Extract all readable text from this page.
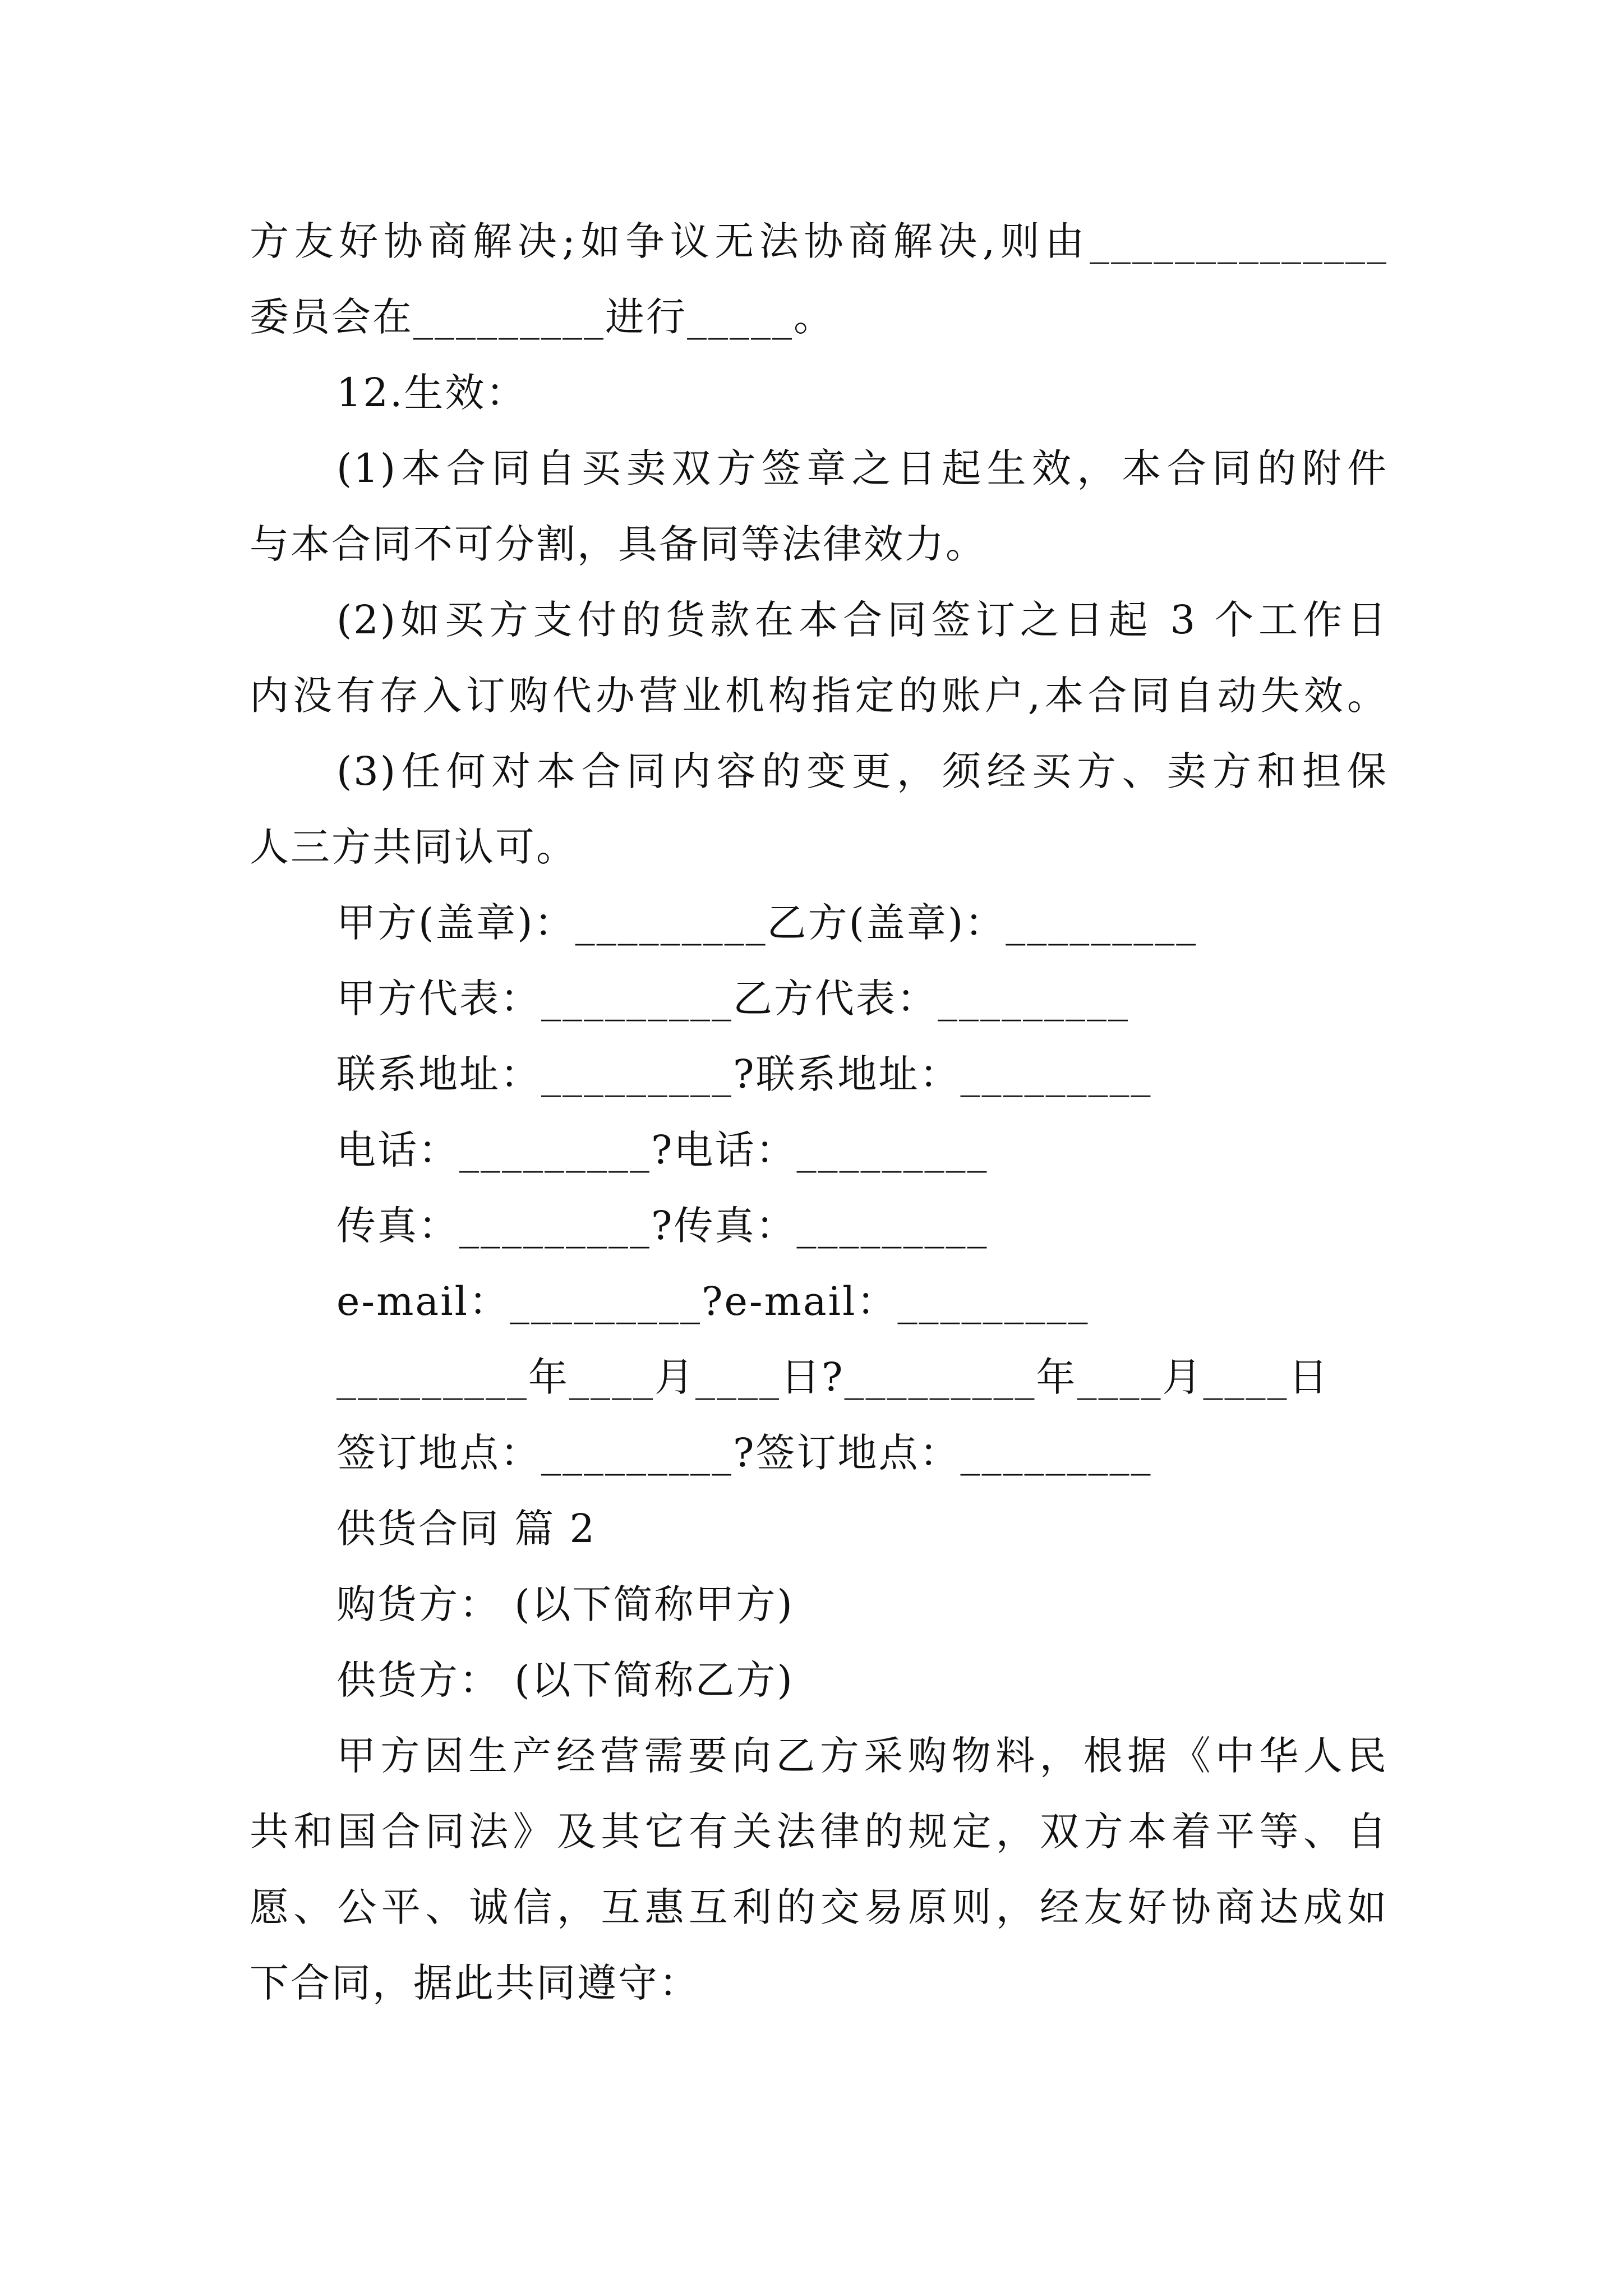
方友好协商解决;如争议无法协商解决,则由______________
委员会在_________进行_____。
12.生效：
(1)本合同自买卖双方签章之日起生效，本合同的附件
与本合同不可分割，具备同等法律效力。
(2)如买方支付的货款在本合同签订之日起 3 个工作日
内没有存入订购代办营业机构指定的账户,本合同自动失效。
(3)任何对本合同内容的变更，须经买方、卖方和担保
人三方共同认可。
甲方(盖章)：_________乙方(盖章)：_________
甲方代表：_________乙方代表：_________
联系地址：_________?联系地址：_________
电话：_________?电话：_________
传真：_________?传真：_________
e-mail：_________?e-mail：_________
_________年____月____日?_________年____月____日
签订地点：_________?签订地点：_________
供货合同 篇 2
购货方： (以下简称甲方)
供货方： (以下简称乙方)
甲方因生产经营需要向乙方采购物料，根据《中华人民
共和国合同法》及其它有关法律的规定，双方本着平等、自
愿、公平、诚信，互惠互利的交易原则，经友好协商达成如
下合同，据此共同遵守：
